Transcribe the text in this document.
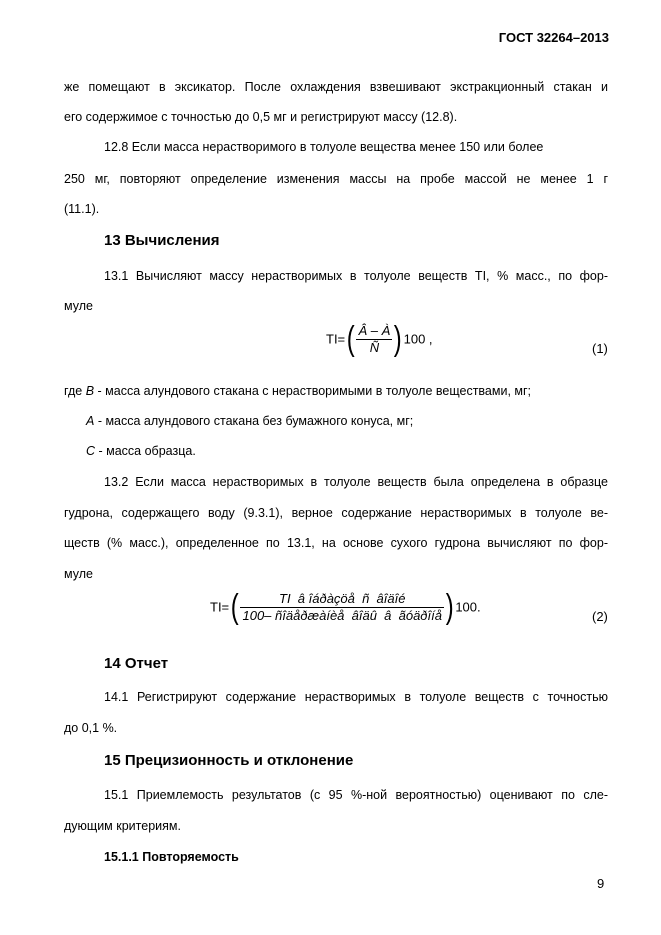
ГОСТ 32264–2013
же помещают в эксикатор. После охлаждения взвешивают экстракционный стакан и
его содержимое с точностью до 0,5 мг и регистрируют массу (12.8).
12.8 Если масса нерастворимого в толуоле вещества менее 150 или более
250 мг, повторяют определение изменения массы на пробе массой не менее 1 г
(11.1).
13 Вычисления
13.1 Вычисляют массу нерастворимых в толуоле веществ TI, % масс., по фор-
муле
$TI=( \frac{Â - À}{Ñ}$ ) 100 ,
(1)
где B - масса алундового стакана с нерастворимыми в толуоле веществами, мг;
A - масса алундового стакана без бумажного конуса, мг;
C - масса образца.
13.2 Если масса нерастворимых в толуоле веществ была определена в образце
гудрона, содержащего воду (9.3.1), верное содержание нерастворимых в толуоле ве-
ществ (% масс.), определенное по 13.1, на основе сухого гудрона вычисляют по фор-
муле
$TI=( \frac{\text{TI  â îáðàçöå  ñ  âîäîé}}{\text{100– ñîäåðæàíèå  âîäû  â  ãóäðîíå}}$ ) 100.
(2)
14 Отчет
14.1 Регистрируют содержание нерастворимых в толуоле веществ с точностью
до 0,1 %.
15 Прецизионность и отклонение
15.1 Приемлемость результатов (с 95 %-ной вероятностью) оценивают по сле-
дующим критериям.
15.1.1 Повторяемость
9
